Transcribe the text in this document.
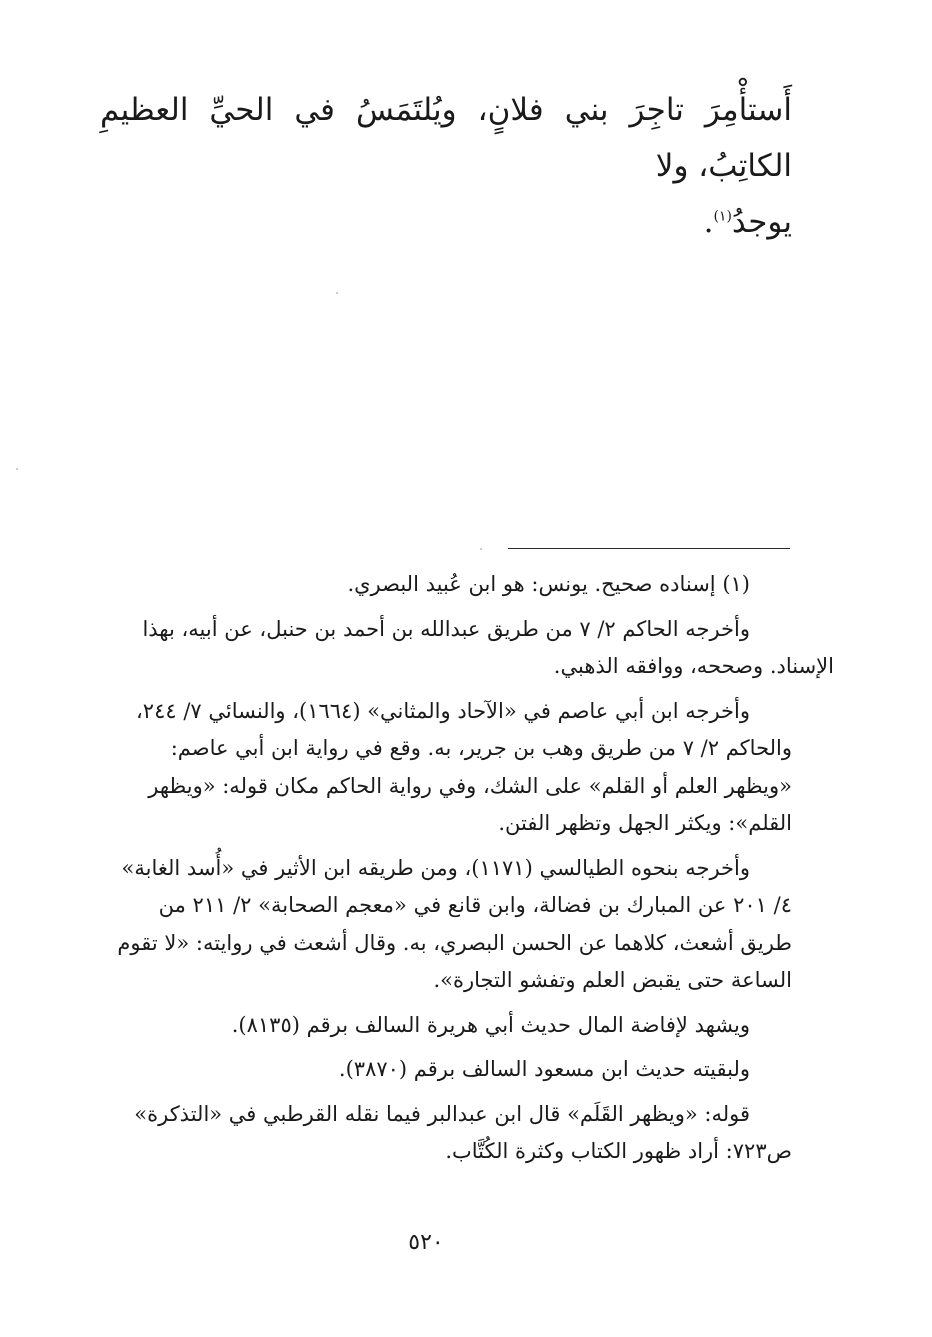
أَستأْمِرَ تاجِرَ بني فلانٍ، ويُلتَمَسُ في الحيِّ العظيمِ الكاتِبُ، ولا
يوجدُ$^{(١)}$.

(١) إسناده صحيح. يونس: هو ابن عُبيد البصري.

وأخرجه الحاكم ٢/ ٧ من طريق عبدالله بن أحمد بن حنبل، عن أبيه، بهذا
الإسناد. وصححه، ووافقه الذهبي.

وأخرجه ابن أبي عاصم في «الآحاد والمثاني» (١٦٦٤)، والنسائي ٧/ ٢٤٤،
والحاكم ٢/ ٧ من طريق وهب بن جرير، به. وقع في رواية ابن أبي عاصم:
«ويظهر العلم أو القلم» على الشك، وفي رواية الحاكم مكان قوله: «ويظهر
القلم»: ويكثر الجهل وتظهر الفتن.

وأخرجه بنحوه الطيالسي (١١٧١)، ومن طريقه ابن الأثير في «أُسد الغابة»
٤/ ٢٠١ عن المبارك بن فضالة، وابن قانع في «معجم الصحابة» ٢/ ٢١١ من
طريق أشعث، كلاهما عن الحسن البصري، به. وقال أشعث في روايته: «لا تقوم
الساعة حتى يقبض العلم وتفشو التجارة».

ويشهد لإفاضة المال حديث أبي هريرة السالف برقم (٨١٣٥).

ولبقيته حديث ابن مسعود السالف برقم (٣٨٧٠).

قوله: «ويظهر القَلَم» قال ابن عبدالبر فيما نقله القرطبي في «التذكرة»
ص٧٢٣: أراد ظهور الكتاب وكثرة الكُتَّاب.

٥٢٠
